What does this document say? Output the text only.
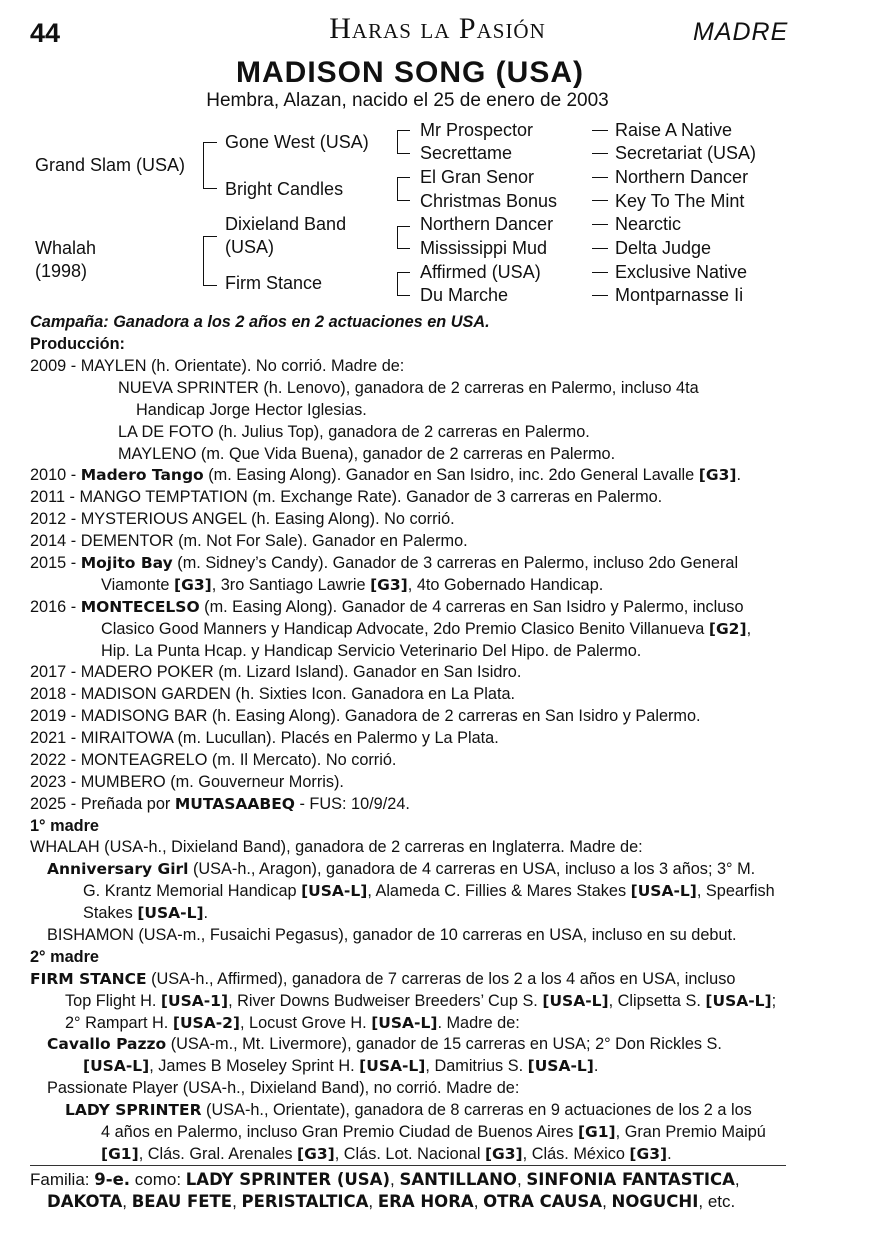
44	Haras la Pasión	MADRE
MADISON SONG (USA)
Hembra, Alazan, nacido el 25 de enero de 2003
Grand Slam (USA)
Whalah
(1998)
Gone West (USA)
Bright Candles
Dixieland Band
(USA)
Firm Stance
Mr Prospector
Secrettame
El Gran Senor
Christmas Bonus
Northern Dancer
Mississippi Mud
Affirmed (USA)
Du Marche
Raise A Native
Secretariat (USA)
Northern Dancer
Key To The Mint
Nearctic
Delta Judge
Exclusive Native
Montparnasse Ii
Campaña: Ganadora a los 2 años en 2 actuaciones en USA.
Producción:
2009 - MAYLEN (h. Orientate). No corrió. Madre de:
NUEVA SPRINTER (h. Lenovo), ganadora de 2 carreras en Palermo, incluso 4ta
Handicap Jorge Hector Iglesias.
LA DE FOTO (h. Julius Top), ganadora de 2 carreras en Palermo.
MAYLENO (m. Que Vida Buena), ganador de 2 carreras en Palermo.
2010 - Madero Tango (m. Easing Along). Ganador en San Isidro, inc. 2do General Lavalle [G3].
2011 - MANGO TEMPTATION (m. Exchange Rate). Ganador de 3 carreras en Palermo.
2012 - MYSTERIOUS ANGEL (h. Easing Along). No corrió.
2014 - DEMENTOR (m. Not For Sale). Ganador en Palermo.
2015 - Mojito Bay (m. Sidney’s Candy). Ganador de 3 carreras en Palermo, incluso 2do General
Viamonte [G3], 3ro Santiago Lawrie [G3], 4to Gobernado Handicap.
2016 - MONTECELSO (m. Easing Along). Ganador de 4 carreras en San Isidro y Palermo, incluso
Clasico Good Manners y Handicap Advocate, 2do Premio Clasico Benito Villanueva [G2],
Hip. La Punta Hcap. y Handicap Servicio Veterinario Del Hipo. de Palermo.
2017 - MADERO POKER (m. Lizard Island). Ganador en San Isidro.
2018 - MADISON GARDEN (h. Sixties Icon. Ganadora en La Plata.
2019 - MADISONG BAR (h. Easing Along). Ganadora de 2 carreras en San Isidro y Palermo.
2021 - MIRAITOWA (m. Lucullan). Placés en Palermo y La Plata.
2022 - MONTEAGRELO (m. Il Mercato). No corrió.
2023 - MUMBERO (m. Gouverneur Morris).
2025 - Preñada por MUTASAABEQ - FUS: 10/9/24.
1° madre
WHALAH (USA-h., Dixieland Band), ganadora de 2 carreras en Inglaterra. Madre de:
Anniversary Girl (USA-h., Aragon), ganadora de 4 carreras en USA, incluso a los 3 años; 3° M.
G. Krantz Memorial Handicap [USA-L], Alameda C. Fillies & Mares Stakes [USA-L], Spearfish
Stakes [USA-L].
BISHAMON (USA-m., Fusaichi Pegasus), ganador de 10 carreras en USA, incluso en su debut.
2° madre
FIRM STANCE (USA-h., Affirmed), ganadora de 7 carreras de los 2 a los 4 años en USA, incluso
Top Flight H. [USA-1], River Downs Budweiser Breeders’ Cup S. [USA-L], Clipsetta S. [USA-L];
2° Rampart H. [USA-2], Locust Grove H. [USA-L]. Madre de:
Cavallo Pazzo (USA-m., Mt. Livermore), ganador de 15 carreras en USA; 2° Don Rickles S.
[USA-L], James B Moseley Sprint H. [USA-L], Damitrius S. [USA-L].
Passionate Player (USA-h., Dixieland Band), no corrió. Madre de:
LADY SPRINTER (USA-h., Orientate), ganadora de 8 carreras en 9 actuaciones de los 2 a los
4 años en Palermo, incluso Gran Premio Ciudad de Buenos Aires [G1], Gran Premio Maipú
[G1], Clás. Gral. Arenales [G3], Clás. Lot. Nacional [G3], Clás. México [G3].
Familia: 9-e. como: LADY SPRINTER (USA), SANTILLANO, SINFONIA FANTASTICA,
DAKOTA, BEAU FETE, PERISTALTICA, ERA HORA, OTRA CAUSA, NOGUCHI, etc.
